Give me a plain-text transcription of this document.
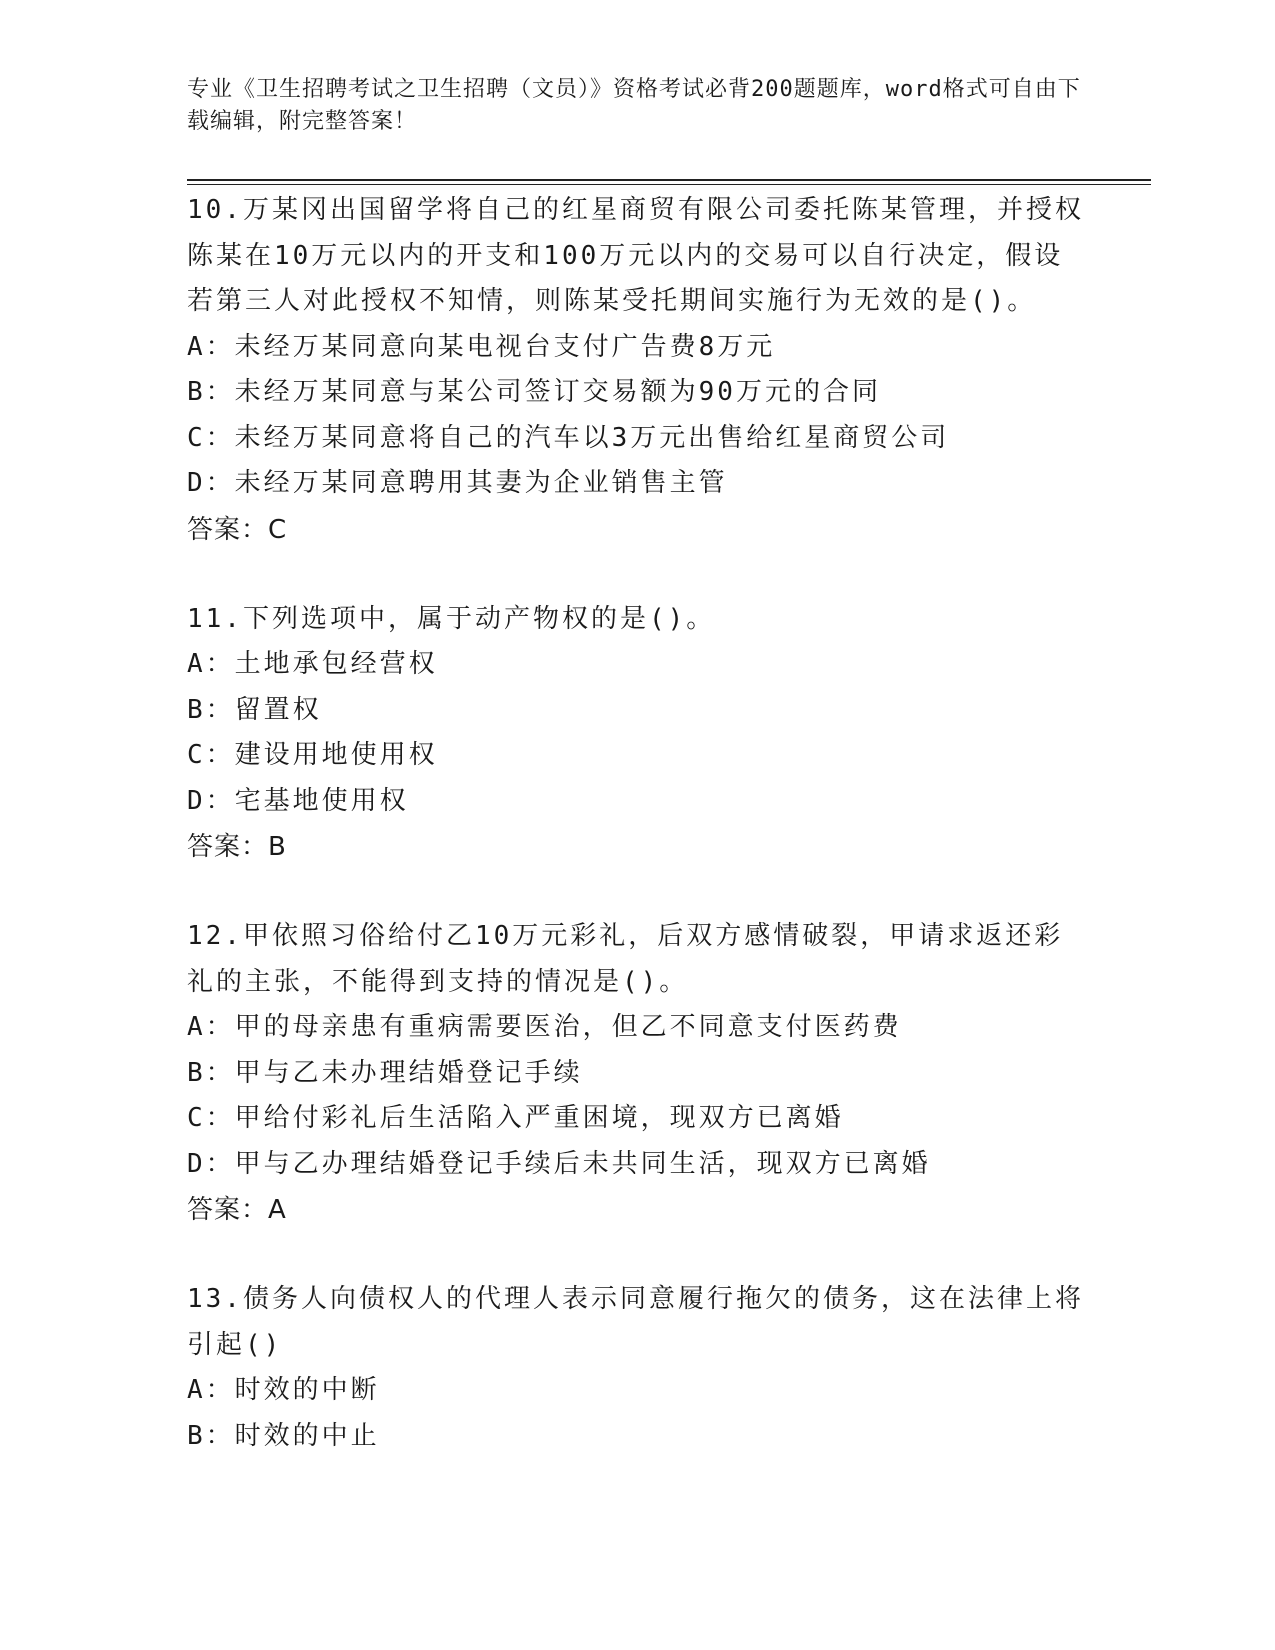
专业《卫生招聘考试之卫生招聘（文员）》资格考试必背200题题库，word格式可自由下载编辑，附完整答案！
10.万某冈出国留学将自己的红星商贸有限公司委托陈某管理，并授权陈某在10万元以内的开支和100万元以内的交易可以自行决定，假设若第三人对此授权不知情，则陈某受托期间实施行为无效的是()。
A：未经万某同意向某电视台支付广告费8万元
B：未经万某同意与某公司签订交易额为90万元的合同
C：未经万某同意将自己的汽车以3万元出售给红星商贸公司
D：未经万某同意聘用其妻为企业销售主管
答案：C
11.下列选项中，属于动产物权的是()。
A：土地承包经营权
B：留置权
C：建设用地使用权
D：宅基地使用权
答案：B
12.甲依照习俗给付乙10万元彩礼，后双方感情破裂，甲请求返还彩礼的主张，不能得到支持的情况是()。
A：甲的母亲患有重病需要医治，但乙不同意支付医药费
B：甲与乙未办理结婚登记手续
C：甲给付彩礼后生活陷入严重困境，现双方已离婚
D：甲与乙办理结婚登记手续后未共同生活，现双方已离婚
答案：A
13.债务人向债权人的代理人表示同意履行拖欠的债务，这在法律上将引起()
A：时效的中断
B：时效的中止
